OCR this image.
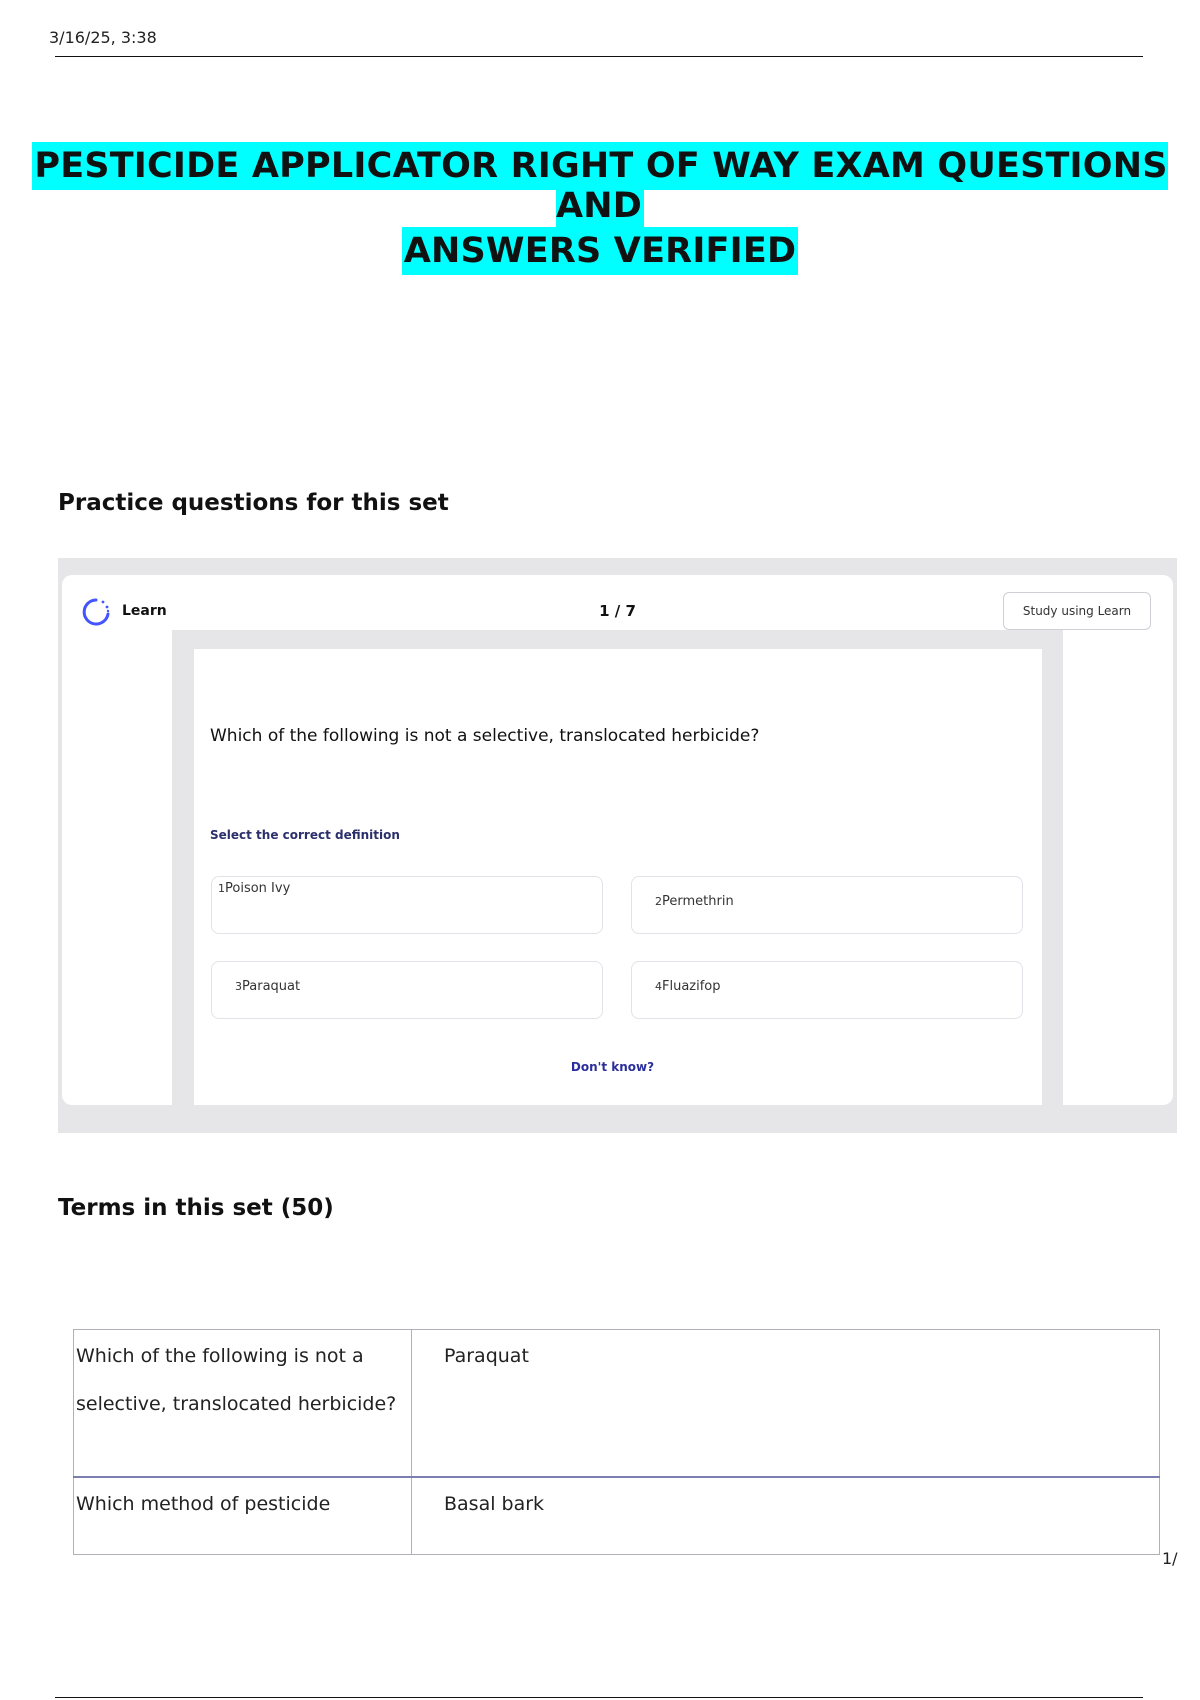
3/16/25, 3:38
PESTICIDE APPLICATOR RIGHT OF WAY EXAM QUESTIONS AND
ANSWERS VERIFIED
Practice questions for this set
Learn	1 / 7	Study using Learn
Which of the following is not a selective, translocated herbicide?
Select the correct definition
1Poison Ivy
2Permethrin
3Paraquat	4Fluazifop
Don't know?
Terms in this set (50)
Which of the following is not a selective, translocated herbicide?	Paraquat
Which method of pesticide	Basal bark
1/
